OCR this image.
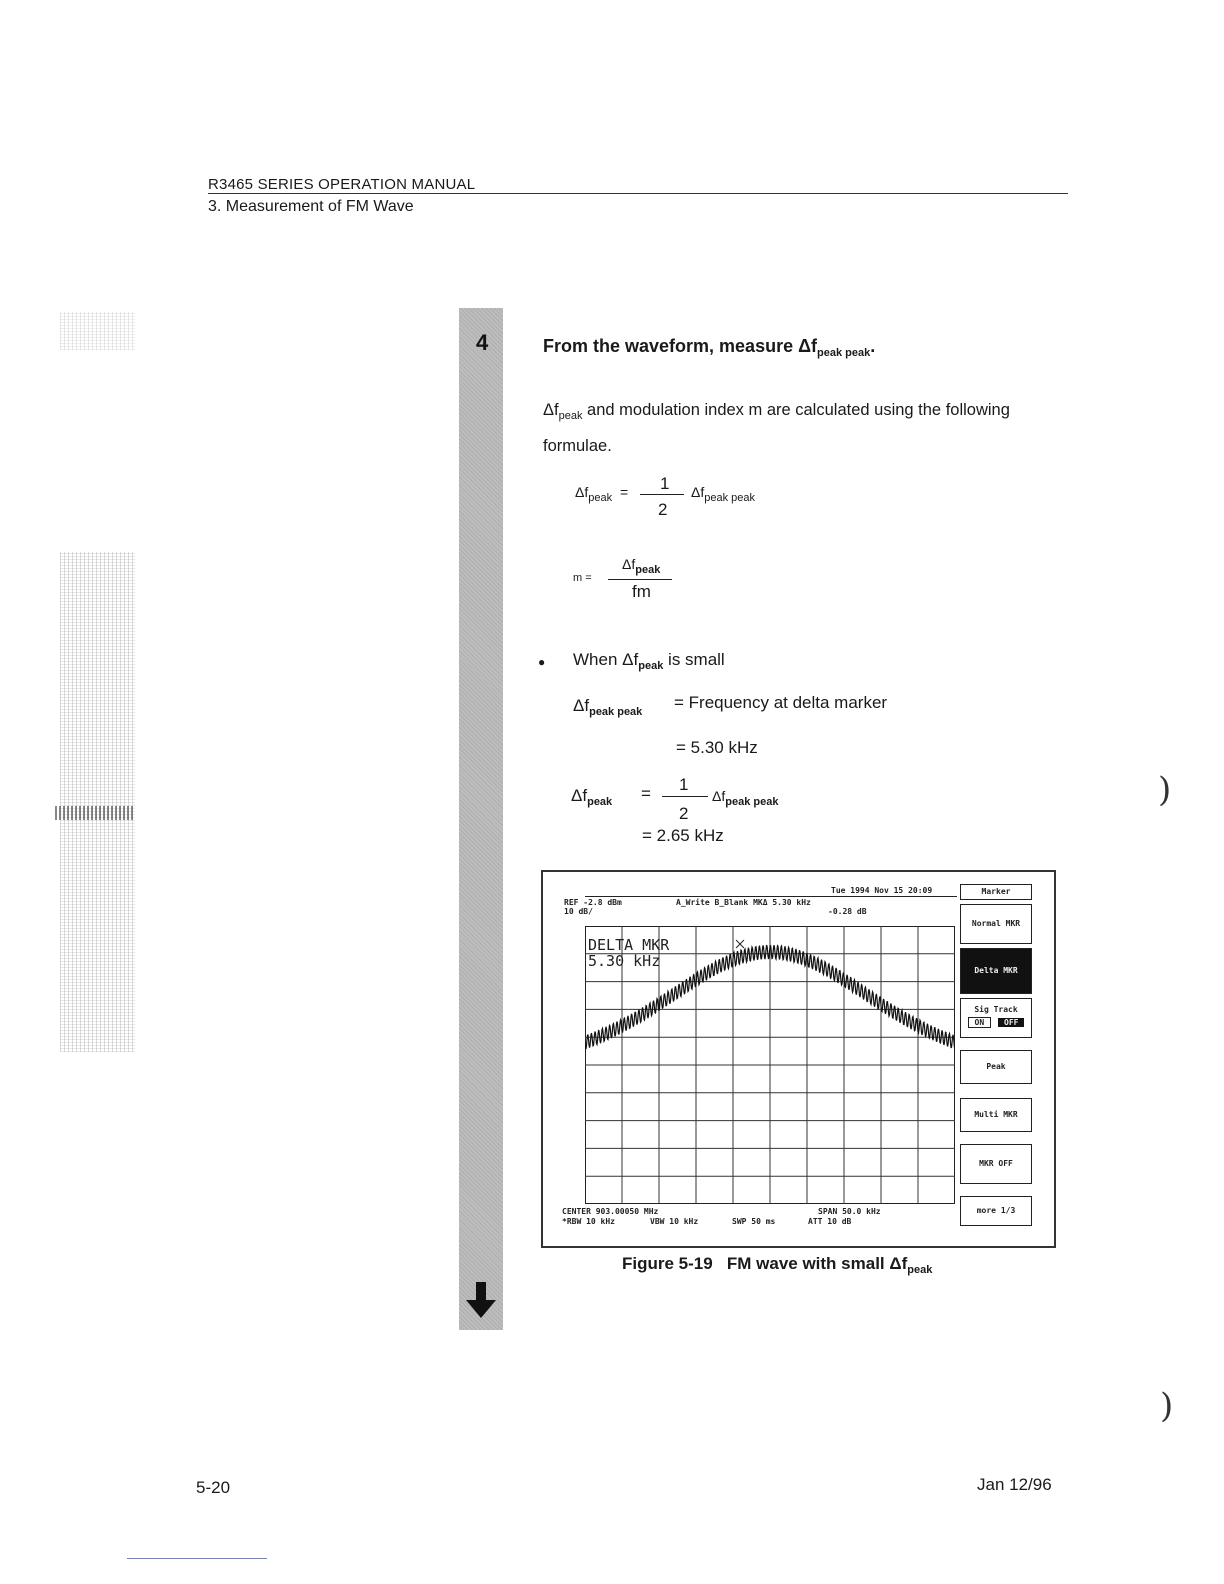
R3465 SERIES OPERATION MANUAL
3. Measurement of FM Wave
4	From the waveform, measure $\Delta f_{peak peak}$.
$\Delta f_{peak}$ and modulation index m are calculated using the following formulae.
$\Delta f_{peak} = 1$
2
$\Delta f_{peak peak}$
m =
$\Delta f_{peak}$
fm
● When $\Delta f_{peak}$ is small
$\Delta f_{peak peak}$ = Frequency at delta marker
= 5.30 kHz
$\Delta f_{peak} = 1$
2
$\Delta f_{peak peak}$
= 2.65 kHz
Tue 1994 Nov 15 20:09
REF -2.8 dBm
10 dB/
A_Write B_Blank MKΔ 5.30 kHz
-0.28 dB
DELTA MKR
5.30 kHz
CENTER 903.00050 MHz	SPAN 50.0 kHz
*RBW 10 kHz	VBW 10 kHz	SWP 50 ms	ATT 10 dB
Marker
Normal MKR
Delta MKR
Sig Track
ON OFF
Peak
Multi MKR
MKR OFF
more 1/3
Figure 5-19 FM wave with small $\Delta f_{peak}$
)
)
5-20	Jan 12/96
